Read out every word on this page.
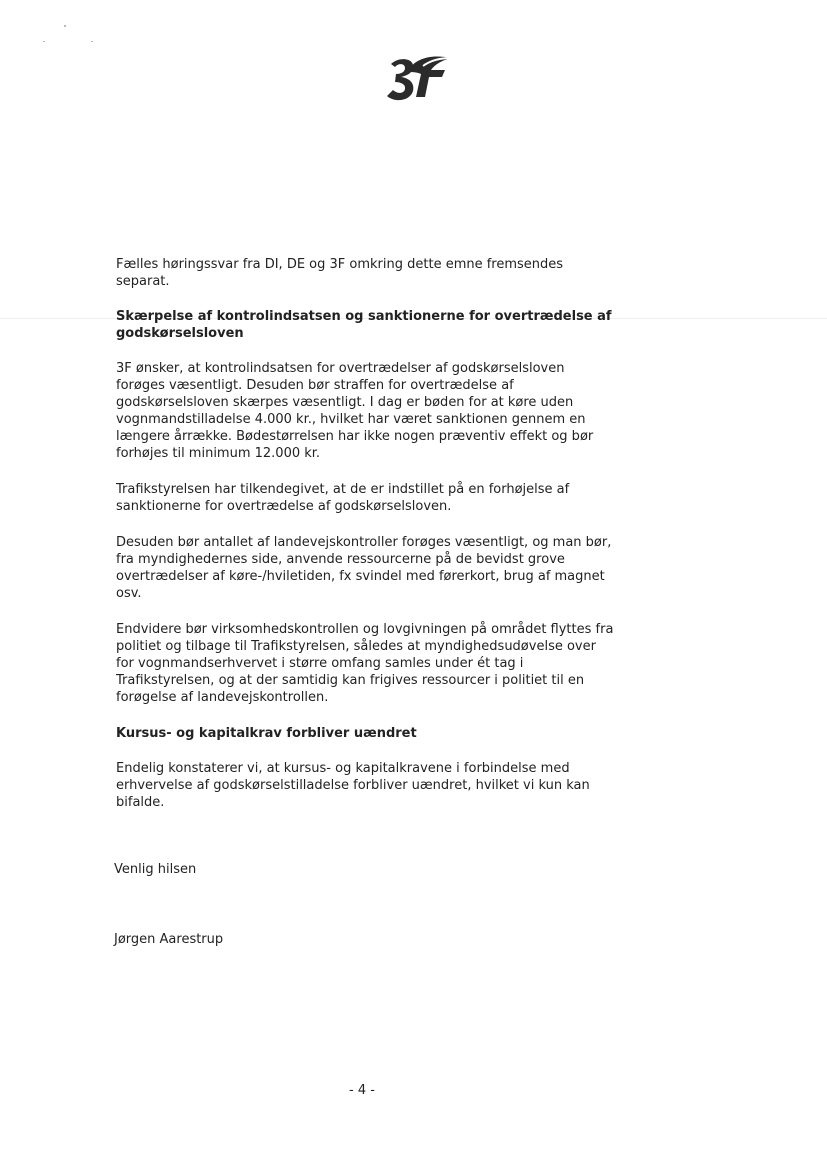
Fælles høringssvar fra DI, DE og 3F omkring dette emne fremsendes separat.

Skærpelse af kontrolindsatsen og sanktionerne for overtrædelse af godskørselsloven

3F ønsker, at kontrolindsatsen for overtrædelser af godskørselsloven forøges væsentligt. Desuden bør straffen for overtrædelse af godskørselsloven skærpes væsentligt. I dag er bøden for at køre uden vognmandstilladelse 4.000 kr., hvilket har været sanktionen gennem en længere årrække. Bødestørrelsen har ikke nogen præventiv effekt og bør forhøjes til minimum 12.000 kr.

Trafikstyrelsen har tilkendegivet, at de er indstillet på en forhøjelse af sanktionerne for overtrædelse af godskørselsloven.

Desuden bør antallet af landevejskontroller forøges væsentligt, og man bør, fra myndighedernes side, anvende ressourcerne på de bevidst grove overtrædelser af køre-/hviletiden, fx svindel med førerkort, brug af magnet osv.

Endvidere bør virksomhedskontrollen og lovgivningen på området flyttes fra politiet og tilbage til Trafikstyrelsen, således at myndighedsudøvelse over for vognmandserhvervet i større omfang samles under ét tag i Trafikstyrelsen, og at der samtidig kan frigives ressourcer i politiet til en forøgelse af landevejskontrollen.

Kursus- og kapitalkrav forbliver uændret

Endelig konstaterer vi, at kursus- og kapitalkravene i forbindelse med erhvervelse af godskørselstilladelse forbliver uændret, hvilket vi kun kan bifalde.

Venlig hilsen
Jørgen Aarestrup
- 4 -
